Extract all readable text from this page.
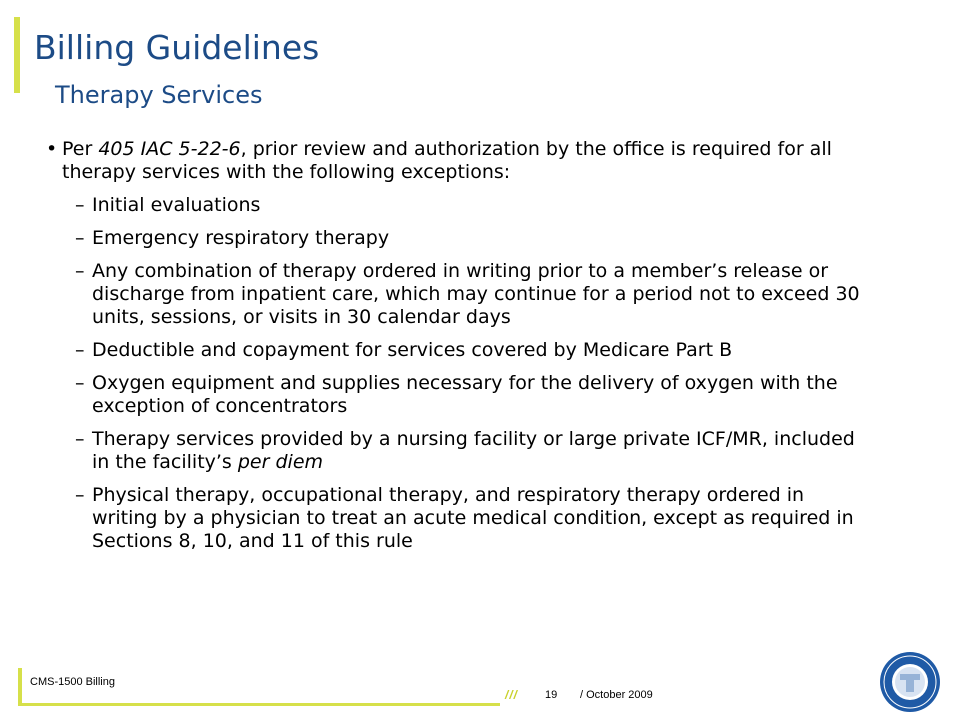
Billing Guidelines
Therapy Services
• Per 405 IAC 5-22-6, prior review and authorization by the office is required for all therapy services with the following exceptions:
– Initial evaluations
– Emergency respiratory therapy
– Any combination of therapy ordered in writing prior to a member’s release or discharge from inpatient care, which may continue for a period not to exceed 30 units, sessions, or visits in 30 calendar days
– Deductible and copayment for services covered by Medicare Part B
– Oxygen equipment and supplies necessary for the delivery of oxygen with the exception of concentrators
– Therapy services provided by a nursing facility or large private ICF/MR, included in the facility’s per diem
– Physical therapy, occupational therapy, and respiratory therapy ordered in writing by a physician to treat an acute medical condition, except as required in Sections 8, 10, and 11 of this rule
CMS-1500 Billing
/// 19 / October 2009
